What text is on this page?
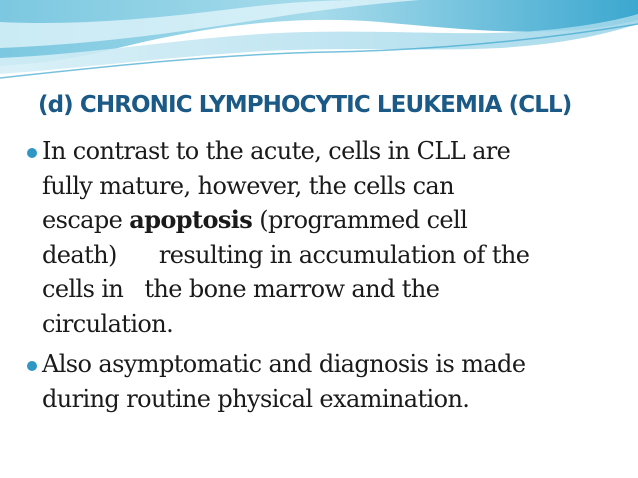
(d) CHRONIC LYMPHOCYTIC LEUKEMIA (CLL)
In contrast to the acute, cells in CLL are
fully mature, however, the cells can
escape apoptosis (programmed cell
death)      resulting in accumulation of the
cells in   the bone marrow and the
circulation.
Also asymptomatic and diagnosis is made
during routine physical examination.
